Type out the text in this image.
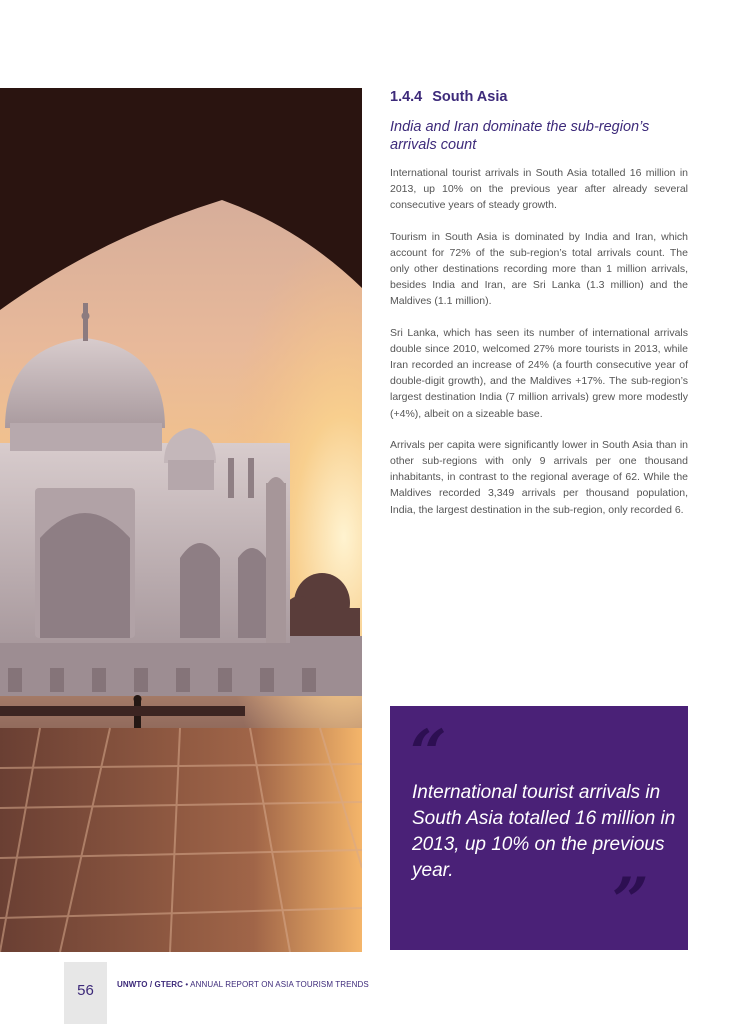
1.4.4 South Asia
India and Iran dominate the sub-region’s arrivals count

International tourist arrivals in South Asia totalled 16 million in 2013, up 10% on the previous year after already several consecutive years of steady growth.

Tourism in South Asia is dominated by India and Iran, which account for 72% of the sub-region’s total arrivals count. The only other destinations recording more than 1 million arrivals, besides India and Iran, are Sri Lanka (1.3 million) and the Maldives (1.1 million).

Sri Lanka, which has seen its number of international arrivals double since 2010, welcomed 27% more tourists in 2013, while Iran recorded an increase of 24% (a fourth consecutive year of double-digit growth), and the Maldives +17%. The sub-region’s largest destination India (7 million arrivals) grew more modestly (+4%), albeit on a sizeable base.

Arrivals per capita were significantly lower in South Asia than in other sub-regions with only 9 arrivals per one thousand inhabitants, in contrast to the regional average of 62. While the Maldives recorded 3,349 arrivals per thousand population, India, the largest destination in the sub-region, only recorded 6.

“
International tourist arrivals in South Asia totalled 16 million in 2013, up 10% on the previous year.	”
56	UNWTO / GTERC • ANNUAL REPORT ON ASIA TOURISM TRENDS
